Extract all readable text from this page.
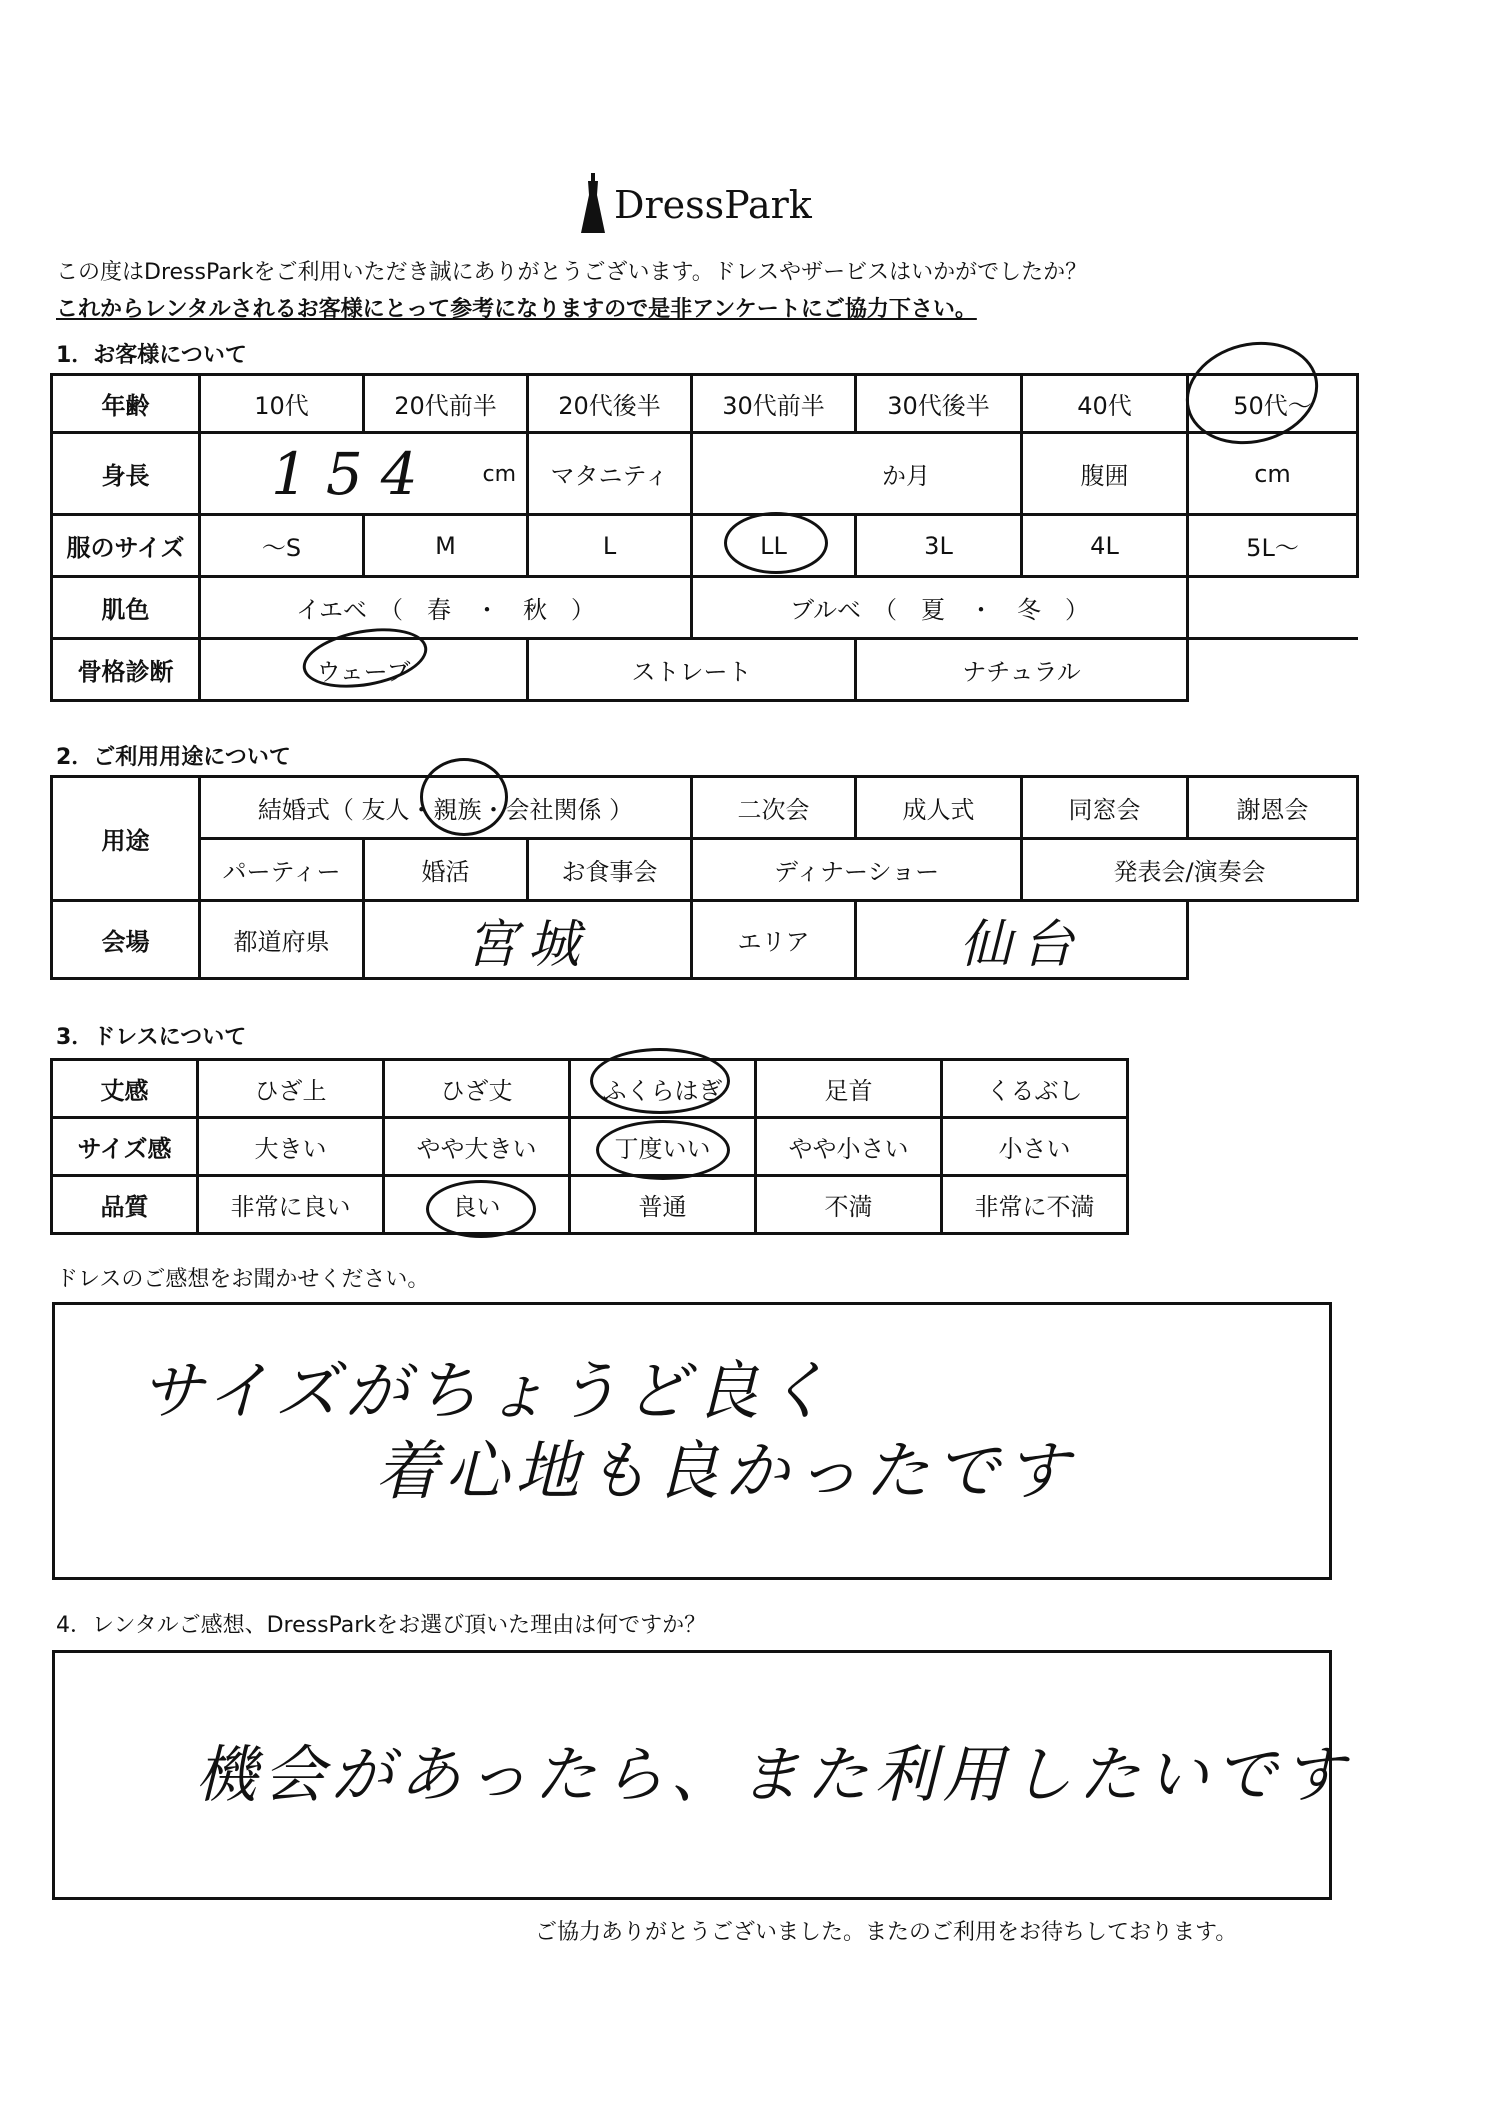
DressPark
この度はDressParkをご利用いただき誠にありがとうございます。ドレスやザービスはいかがでしたか？
これからレンタルされるお客様にとって参考になりますので是非アンケートにご協力下さい。
1．お客様について
年齢	10代	20代前半	20代後半	30代前半	30代後半	40代	50代～
身長	154 cm		マタニティ	か月		腹囲	cm
服のサイズ	～S	M	L	LL	3L	4L	5L～
肌色	イエベ　（　春　・　秋　）			ブルベ　（　夏　・　冬　）			
骨格診断	ウェーブ		ストレート		ナチュラル		
2．ご利用用途について
用途	結婚式（ 友人・親族・会社関係 ）			二次会	成人式	同窓会	謝恩会
	パーティー	婚活	お食事会	ディナーショー		発表会/演奏会	
会場	都道府県	宮城		エリア	仙台		
3．ドレスについて
丈感	ひざ上	ひざ丈	ふくらはぎ	足首	くるぶし
サイズ感	大きい	やや大きい	丁度いい	やや小さい	小さい
品質	非常に良い	良い	普通	不満	非常に不満
ドレスのご感想をお聞かせください。
サイズがちょうど良く
着心地も良かったです
4．レンタルご感想、DressParkをお選び頂いた理由は何ですか？
機会があったら、また利用したいです
ご協力ありがとうございました。またのご利用をお待ちしております。
